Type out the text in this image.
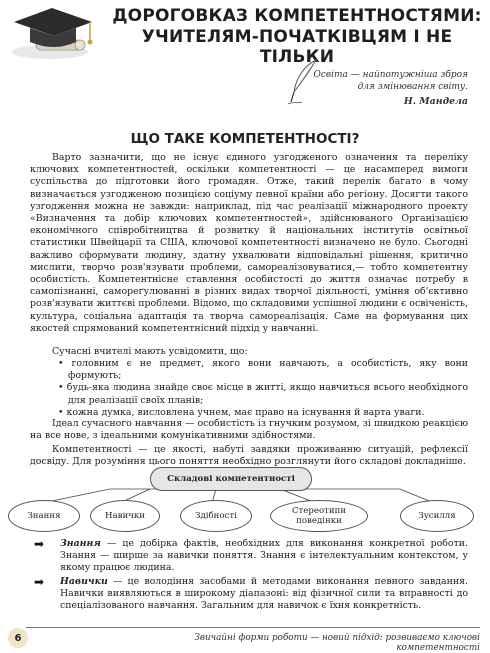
ДОРОГОВКАЗ КОМПЕТЕНТНОСТЯМИ:
УЧИТЕЛЯМ-ПОЧАТКІВЦЯМ І НЕ ТІЛЬКИ
Освіта — найпотужніша зброя
для змінювання світу.
Н. Мандела
ЩО ТАКЕ КОМПЕТЕНТНОСТІ?
Варто зазначити, що не існує єдиного узгодженого означення та переліку ключових компетентностей, оскільки компетентності — це насамперед вимоги суспільства до підготовки його громадян. Отже, такий перелік багато в чому визначається узгодженою позицією соціуму певної країни або регіону. Досягти такого узгодження можна не завжди: наприклад, під час реалізації міжнародного проекту «Визначення та добір ключових компетентностей», здійснюваного Організацією економічного співробітництва й розвитку й національних інститутів освітньої статистики Швейцарії та США, ключової компетентності визначено не було. Сьогодні важливо сформувати людину, здатну ухвалювати відповідальні рішення, критично мислити, творчо розв'язувати проблеми, самореалізовуватися,— тобто компетентну особистість. Компетентнісне ставлення особистості до життя означає потребу в самопізнанні, самореґулюванні в різних видах творчої діяльності, уміння об'єктивно розв'язувати життєві проблеми. Відомо, що складовими успішної людини є освіченість, культура, соціальна адаптація та творча самореалізація. Саме на формування цих якостей спрямований компетентнісний підхід у навчанні.
Сучасні вчителі мають усвідомити, що:
• головним є не предмет, якого вони навчають, а особистість, яку вони формують;
• будь-яка людина знайде своє місце в житті, якщо навчиться всього необхідного для реалізації своїх планів;
• кожна думка, висловлена учнем, має право на існування й варта уваги.
Ідеал сучасного навчання — особистість із гнучким розумом, зі швидкою реакцією на все нове, з ідеальними комунікативними здібностями.
Компетентності — це якості, набуті завдяки проживанню ситуацій, рефлексії досвіду. Для розуміння цього поняття необхідно розглянути його складові докладніше.
Складові компетентності
Знання	Навички	Здібності	Стереотипи поведінки	Зусилля
➡ Знання — це добірка фактів, необхідних для виконання конкретної роботи. Знання — ширше за навички поняття. Знання є інтелектуальним контекстом, у якому працює людина.
➡ Навички — це володіння засобами й методами виконання певного завдання. Навички виявляються в широкому діапазоні: від фізичної сили та вправності до спеціалізованого навчання. Загальним для навичок є їхня конкретність.
6	Звичайні форми роботи — новий підхід: розвиваємо ключові компетентності
